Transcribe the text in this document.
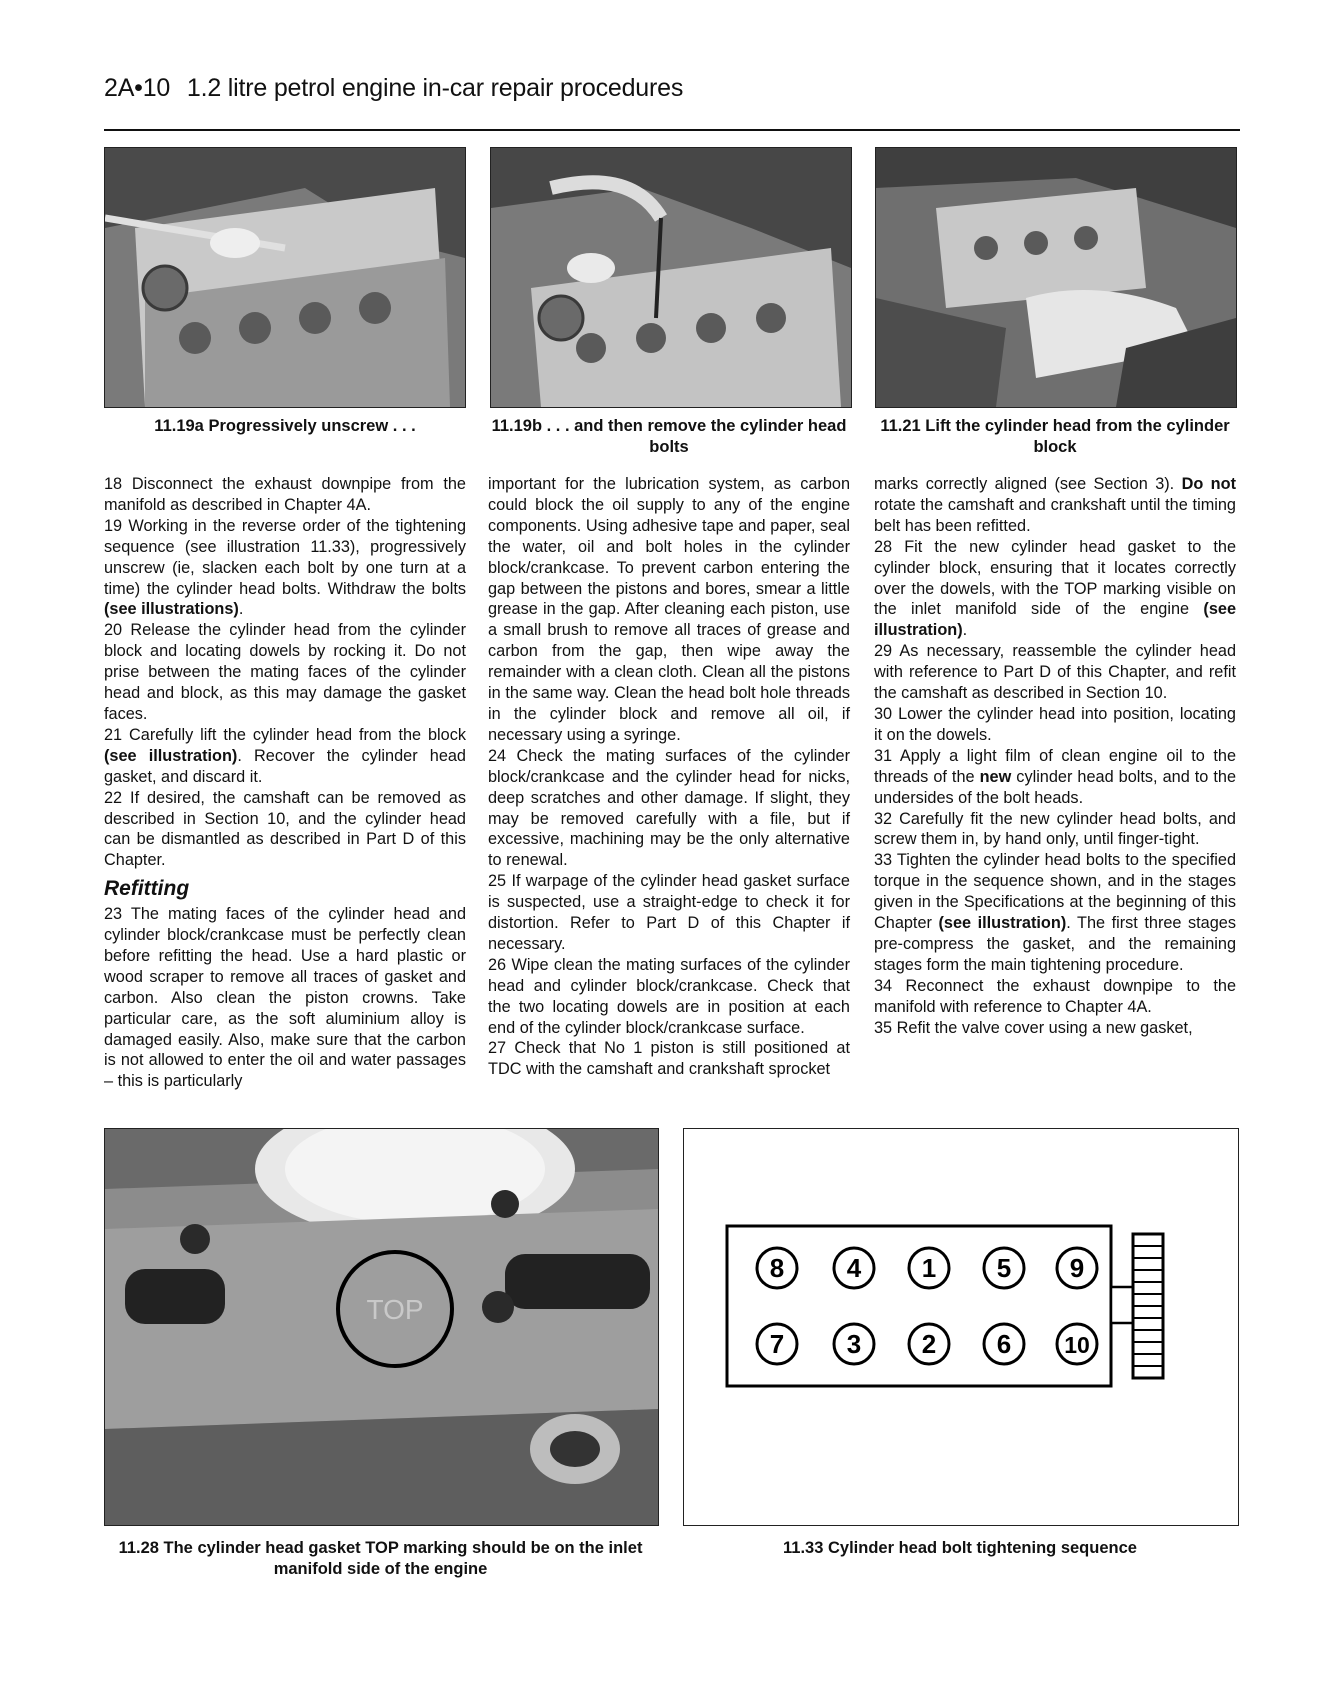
2A•10 1.2 litre petrol engine in-car repair procedures
11.19a Progressively unscrew . . .	11.19b . . . and then remove the cylinder head bolts
11.21 Lift the cylinder head from the cylinder block

18 Disconnect the exhaust downpipe from the manifold as described in Chapter 4A.

19 Working in the reverse order of the tightening sequence (see illustration 11.33), progressively unscrew (ie, slacken each bolt by one turn at a time) the cylinder head bolts. Withdraw the bolts (see illustrations).

20 Release the cylinder head from the cylinder block and locating dowels by rocking it. Do not prise between the mating faces of the cylinder head and block, as this may damage the gasket faces.

21 Carefully lift the cylinder head from the block (see illustration). Recover the cylinder head gasket, and discard it.

22 If desired, the camshaft can be removed as described in Section 10, and the cylinder head can be dismantled as described in Part D of this Chapter.

Refitting

23 The mating faces of the cylinder head and cylinder block/crankcase must be perfectly clean before refitting the head. Use a hard plastic or wood scraper to remove all traces of gasket and carbon. Also clean the piston crowns. Take particular care, as the soft aluminium alloy is damaged easily. Also, make sure that the carbon is not allowed to enter the oil and water passages – this is particularly

important for the lubrication system, as carbon could block the oil supply to any of the engine components. Using adhesive tape and paper, seal the water, oil and bolt holes in the cylinder block/crankcase. To prevent carbon entering the gap between the pistons and bores, smear a little grease in the gap. After cleaning each piston, use a small brush to remove all traces of grease and carbon from the gap, then wipe away the remainder with a clean cloth. Clean all the pistons in the same way. Clean the head bolt hole threads in the cylinder block and remove all oil, if necessary using a syringe.

24 Check the mating surfaces of the cylinder block/crankcase and the cylinder head for nicks, deep scratches and other damage. If slight, they may be removed carefully with a file, but if excessive, machining may be the only alternative to renewal.

25 If warpage of the cylinder head gasket surface is suspected, use a straight-edge to check it for distortion. Refer to Part D of this Chapter if necessary.

26 Wipe clean the mating surfaces of the cylinder head and cylinder block/crankcase. Check that the two locating dowels are in position at each end of the cylinder block/crankcase surface.

27 Check that No 1 piston is still positioned at TDC with the camshaft and crankshaft sprocket

marks correctly aligned (see Section 3). Do not rotate the camshaft and crankshaft until the timing belt has been refitted.

28 Fit the new cylinder head gasket to the cylinder block, ensuring that it locates correctly over the dowels, with the TOP marking visible on the inlet manifold side of the engine (see illustration).

29 As necessary, reassemble the cylinder head with reference to Part D of this Chapter, and refit the camshaft as described in Section 10.

30 Lower the cylinder head into position, locating it on the dowels.

31 Apply a light film of clean engine oil to the threads of the new cylinder head bolts, and to the undersides of the bolt heads.

32 Carefully fit the new cylinder head bolts, and screw them in, by hand only, until finger-tight.

33 Tighten the cylinder head bolts to the specified torque in the sequence shown, and in the stages given in the Specifications at the beginning of this Chapter (see illustration). The first three stages pre-compress the gasket, and the remaining stages form the main tightening procedure.

34 Reconnect the exhaust downpipe to the manifold with reference to Chapter 4A.

35 Refit the valve cover using a new gasket,

TOP
11.28 The cylinder head gasket TOP marking should be on the inlet manifold side of the engine
8 4 1 5 9
7 3 2 6 10
11.33 Cylinder head bolt tightening sequence
